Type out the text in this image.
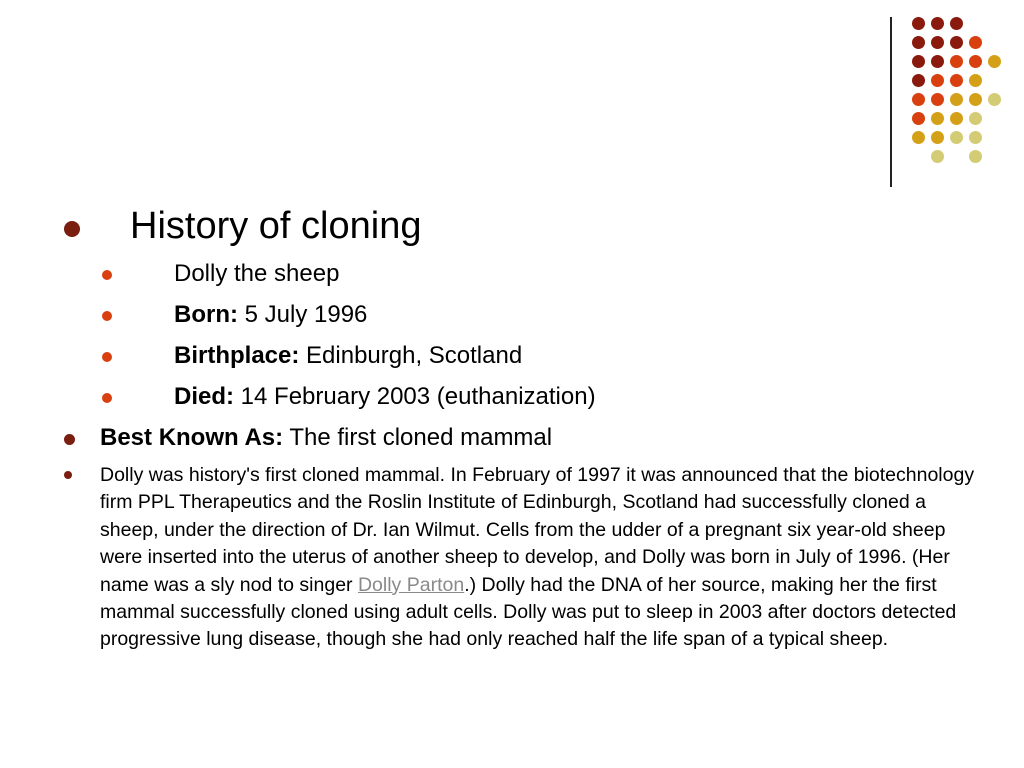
History of cloning
Dolly the sheep
Born: 5 July 1996
Birthplace: Edinburgh, Scotland
Died: 14 February 2003 (euthanization)
Best Known As: The first cloned mammal
Dolly was history's first cloned mammal. In February of 1997 it was announced that the biotechnology firm PPL Therapeutics and the Roslin Institute of Edinburgh, Scotland had successfully cloned a sheep, under the direction of Dr. Ian Wilmut. Cells from the udder of a pregnant six year-old sheep were inserted into the uterus of another sheep to develop, and Dolly was born in July of 1996. (Her name was a sly nod to singer Dolly Parton.) Dolly had the DNA of her source, making her the first mammal successfully cloned using adult cells. Dolly was put to sleep in 2003 after doctors detected progressive lung disease, though she had only reached half the life span of a typical sheep.
